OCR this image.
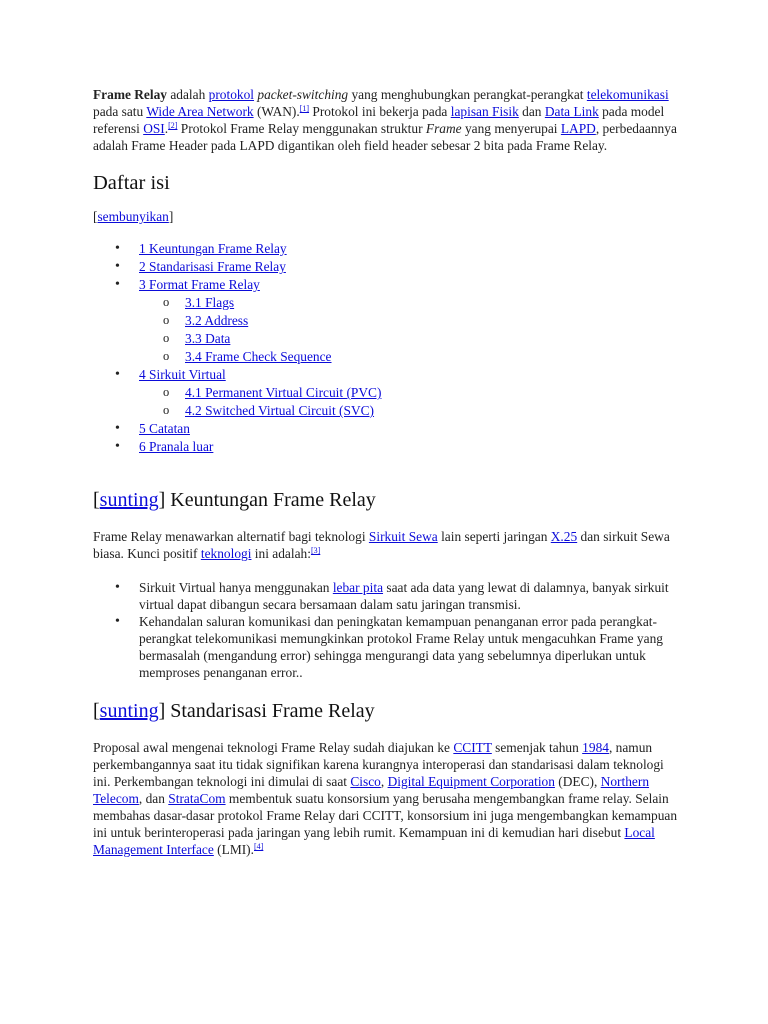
Frame Relay adalah protokol packet-switching yang menghubungkan perangkat-perangkat telekomunikasi pada satu Wide Area Network (WAN).[1] Protokol ini bekerja pada lapisan Fisik dan Data Link pada model referensi OSI.[2] Protokol Frame Relay menggunakan struktur Frame yang menyerupai LAPD, perbedaannya adalah Frame Header pada LAPD digantikan oleh field header sebesar 2 bita pada Frame Relay.

Daftar isi

[sembunyikan]

• 1 Keuntungan Frame Relay
• 2 Standarisasi Frame Relay
• 3 Format Frame Relay
o 3.1 Flags
o 3.2 Address
o 3.3 Data
o 3.4 Frame Check Sequence
• 4 Sirkuit Virtual
o 4.1 Permanent Virtual Circuit (PVC)
o 4.2 Switched Virtual Circuit (SVC)
• 5 Catatan
• 6 Pranala luar
[sunting] Keuntungan Frame Relay

Frame Relay menawarkan alternatif bagi teknologi Sirkuit Sewa lain seperti jaringan X.25 dan sirkuit Sewa biasa. Kunci positif teknologi ini adalah:[3]

• Sirkuit Virtual hanya menggunakan lebar pita saat ada data yang lewat di dalamnya, banyak sirkuit virtual dapat dibangun secara bersamaan dalam satu jaringan transmisi.
• Kehandalan saluran komunikasi dan peningkatan kemampuan penanganan error pada perangkat-perangkat telekomunikasi memungkinkan protokol Frame Relay untuk mengacuhkan Frame yang bermasalah (mengandung error) sehingga mengurangi data yang sebelumnya diperlukan untuk memproses penanganan error..
[sunting] Standarisasi Frame Relay

Proposal awal mengenai teknologi Frame Relay sudah diajukan ke CCITT semenjak tahun 1984, namun perkembangannya saat itu tidak signifikan karena kurangnya interoperasi dan standarisasi dalam teknologi ini. Perkembangan teknologi ini dimulai di saat Cisco, Digital Equipment Corporation (DEC), Northern Telecom, dan StrataCom membentuk suatu konsorsium yang berusaha mengembangkan frame relay. Selain membahas dasar-dasar protokol Frame Relay dari CCITT, konsorsium ini juga mengembangkan kemampuan ini untuk berinteroperasi pada jaringan yang lebih rumit. Kemampuan ini di kemudian hari disebut Local Management Interface (LMI).[4]
